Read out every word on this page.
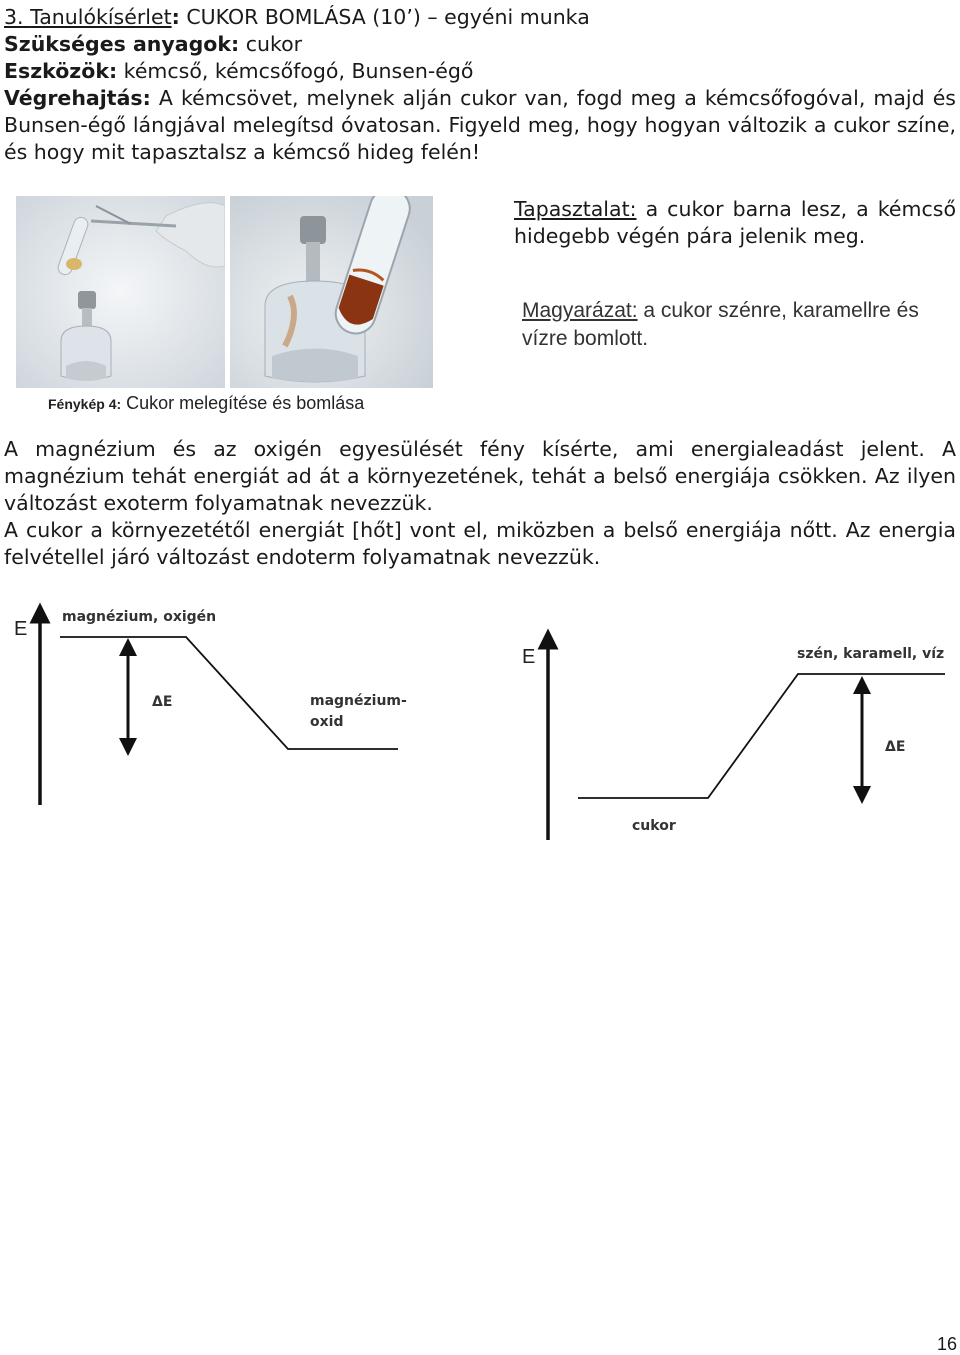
3. Tanulókísérlet: CUKOR BOMLÁSA (10’) – egyéni munka

Szükséges anyagok: cukor

Eszközök: kémcső, kémcsőfogó, Bunsen-égő

Végrehajtás: A kémcsövet, melynek alján cukor van, fogd meg a kémcsőfogóval, majd és Bunsen-égő lángjával melegítsd óvatosan. Figyeld meg, hogy hogyan változik a cukor színe, és hogy mit tapasztalsz a kémcső hideg felén!

Fénykép 4: Cukor melegítése és bomlása
Tapasztalat: a cukor barna lesz, a kémcső hidegebb végén pára jelenik meg.
Magyarázat: a cukor szénre, karamellre és vízre bomlott.

A magnézium és az oxigén egyesülését fény kísérte, ami energialeadást jelent. A magnézium tehát energiát ad át a környezetének, tehát a belső energiája csökken. Az ilyen változást exoterm folyamatnak nevezzük.

A cukor a környezetétől energiát [hőt] vont el, miközben a belső energiája nőtt. Az energia felvétellel járó változást endoterm folyamatnak nevezzük.

E
magnézium, oxigén
ΔE	magnézium-
oxid
E	szén, karamell, víz
ΔE
cukor
16
